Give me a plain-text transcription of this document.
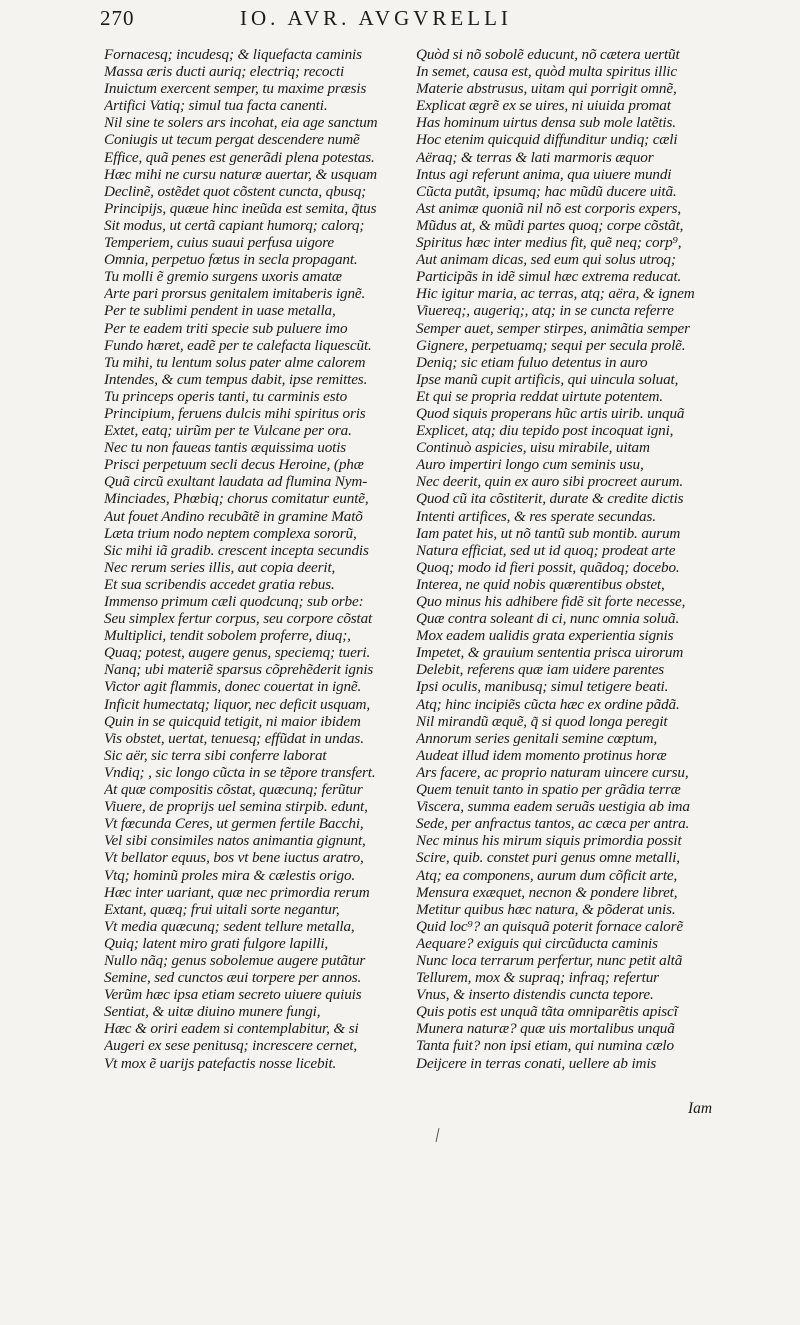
270	IO. AVR. AVGVRELLI
Fornacesq; incudesq; & liquefacta caminis
Massa æris ducti auriq; electriq; recocti
Inuictum exercent semper, tu maxime præsis
Artifici Vatiq; simul tua facta canenti.
Nil sine te solers ars incohat, eia age sanctum
Coniugis ut tecum pergat descendere numẽ
Effice, quã penes est generãdi plena potestas.
Hæc mihi ne cursu naturæ auertar, & usquam
Declinẽ, ostẽdet quot cõstent cuncta, qbusq;
Principijs, quæue hinc ineũda est semita, q̃tus
Sit modus, ut certã capiant humorq; calorq;
Temperiem, cuius suaui perfusa uigore
Omnia, perpetuo fœtus in secla propagant.
Tu molli ẽ gremio surgens uxoris amatæ
Arte pari prorsus genitalem imitaberis ignẽ.
Per te sublimi pendent in uase metalla,
Per te eadem triti specie sub puluere imo
Fundo hæret, eadẽ per te calefacta liquescũt.
Tu mihi, tu lentum solus pater alme calorem
Intendes, & cum tempus dabit, ipse remittes.
Tu princeps operis tanti, tu carminis esto
Principium, feruens dulcis mihi spiritus oris
Extet, eatq; uirũm per te Vulcane per ora.
Nec tu non faueas tantis æquissima uotis
Prisci perpetuum secli decus Heroine, (phæ
Quã circũ exultant laudata ad flumina Nym-
Minciades, Phœbiq; chorus comitatur euntẽ,
Aut fouet Andino recubãtẽ in gramine Matõ
Læta trium nodo neptem complexa sororũ,
Sic mihi iã gradib. crescent incepta secundis
Nec rerum series illis, aut copia deerit,
Et sua scribendis accedet gratia rebus.
Immenso primum cæli quodcunq; sub orbe:
Seu simplex fertur corpus, seu corpore cõstat
Multiplici, tendit sobolem proferre, diuq;,
Quaq; potest, augere genus, speciemq; tueri.
Nanq; ubi materiẽ sparsus cõprehẽderit ignis
Victor agit flammis, donec couertat in ignẽ.
Inficit humectatq; liquor, nec deficit usquam,
Quin in se quicquid tetigit, ni maior ibidem
Vis obstet, uertat, tenuesq; effũdat in undas.
Sic aër, sic terra sibi conferre laborat
Vndiq; , sic longo cũcta in se tẽpore transfert.
At quæ compositis cõstat, quæcunq; ferũtur
Viuere, de proprijs uel semina stirpib. edunt,
Vt fœcunda Ceres, ut germen fertile Bacchi,
Vel sibi consimiles natos animantia gignunt,
Vt bellator equus, bos vt bene iuctus aratro,
Vtq; hominũ proles mira & cælestis origo.
Hæc inter uariant, quæ nec primordia rerum
Extant, quæq; frui uitali sorte negantur,
Vt media quæcunq; sedent tellure metalla,
Quiq; latent miro grati fulgore lapilli,
Nullo nãq; genus sobolemue augere putãtur
Semine, sed cunctos æui torpere per annos.
Verũm hæc ipsa etiam secreto uiuere quiuis
Sentiat, & uitæ diuino munere fungi,
Hæc & oriri eadem si contemplabitur, & si
Augeri ex sese penitusq; increscere cernet,
Vt mox ẽ uarijs patefactis nosse licebit.
Quòd si nõ sobolẽ educunt, nõ cætera uertũt
In semet, causa est, quòd multa spiritus illic
Materie abstrusus, uitam qui porrigit omnẽ,
Explicat ægrẽ ex se uires, ni uiuida promat
Has hominum uirtus densa sub mole latẽtis.
Hoc etenim quicquid diffunditur undiq; cæli
Aëraq; & terras & lati marmoris æquor
Intus agi referunt anima, qua uiuere mundi
Cũcta putãt, ipsumq; hac mũdũ ducere uitã.
Ast animæ quoniã nil nõ est corporis expers,
Mũdus at, & mũdi partes quoq; corpe cõstãt,
Spiritus hæc inter medius fit, quẽ neq; corp⁹,
Aut animam dicas, sed eum qui solus utroq;
Participãs in idẽ simul hæc extrema reducat.
Hic igitur maria, ac terras, atq; aëra, & ignem
Viuereq;, augeriq;, atq; in se cuncta referre
Semper auet, semper stirpes, animãtia semper
Gignere, perpetuamq; sequi per secula prolẽ.
Deniq; sic etiam fuluo detentus in auro
Ipse manũ cupit artificis, qui uincula soluat,
Et qui se propria reddat uirtute potentem.
Quod siquis properans hũc artis uirib. unquã
Explicet, atq; diu tepido post incoquat igni,
Continuò aspicies, uisu mirabile, uitam
Auro impertiri longo cum seminis usu,
Nec deerit, quin ex auro sibi procreet aurum.
Quod cũ ita cõstiterit, durate & credite dictis
Intenti artifices, & res sperate secundas.
Iam patet his, ut nõ tantũ sub montib. aurum
Natura efficiat, sed ut id quoq; prodeat arte
Quoq; modo id fieri possit, quãdoq; docebo.
Interea, ne quid nobis quærentibus obstet,
Quo minus his adhibere fidẽ sit forte necesse,
Quæ contra soleant di ci, nunc omnia soluã.
Mox eadem ualidis grata experientia signis
Impetet, & grauium sententia prisca uirorum
Delebit, referens quæ iam uidere parentes
Ipsi oculis, manibusq; simul tetigere beati.
Atq; hinc incipiẽs cũcta hæc ex ordine pãdã.
Nil mirandũ æquẽ, q̃ si quod longa peregit
Annorum series genitali semine cœptum,
Audeat illud idem momento protinus horæ
Ars facere, ac proprio naturam uincere cursu,
Quem tenuit tanto in spatio per grãdia terræ
Viscera, summa eadem seruãs uestigia ab ima
Sede, per anfractus tantos, ac cæca per antra.
Nec minus his mirum siquis primordia possit
Scire, quib. constet puri genus omne metalli,
Atq; ea componens, aurum dum cõficit arte,
Mensura exæquet, necnon & pondere libret,
Metitur quibus hæc natura, & põderat unis.
Quid loc⁹? an quisquã poterit fornace calorẽ
Aequare? exiguis qui circũducta caminis
Nunc loca terrarum perfertur, nunc petit altã
Tellurem, mox & supraq; infraq; refertur
Vnus, & inserto distendis cuncta tepore.
Quis potis est unquã tãta omniparẽtis apiscĩ
Munera naturæ? quæ uis mortalibus unquã
Tanta fuit? non ipsi etiam, qui numina cælo
Deijcere in terras conati, uellere ab imis
Iam
